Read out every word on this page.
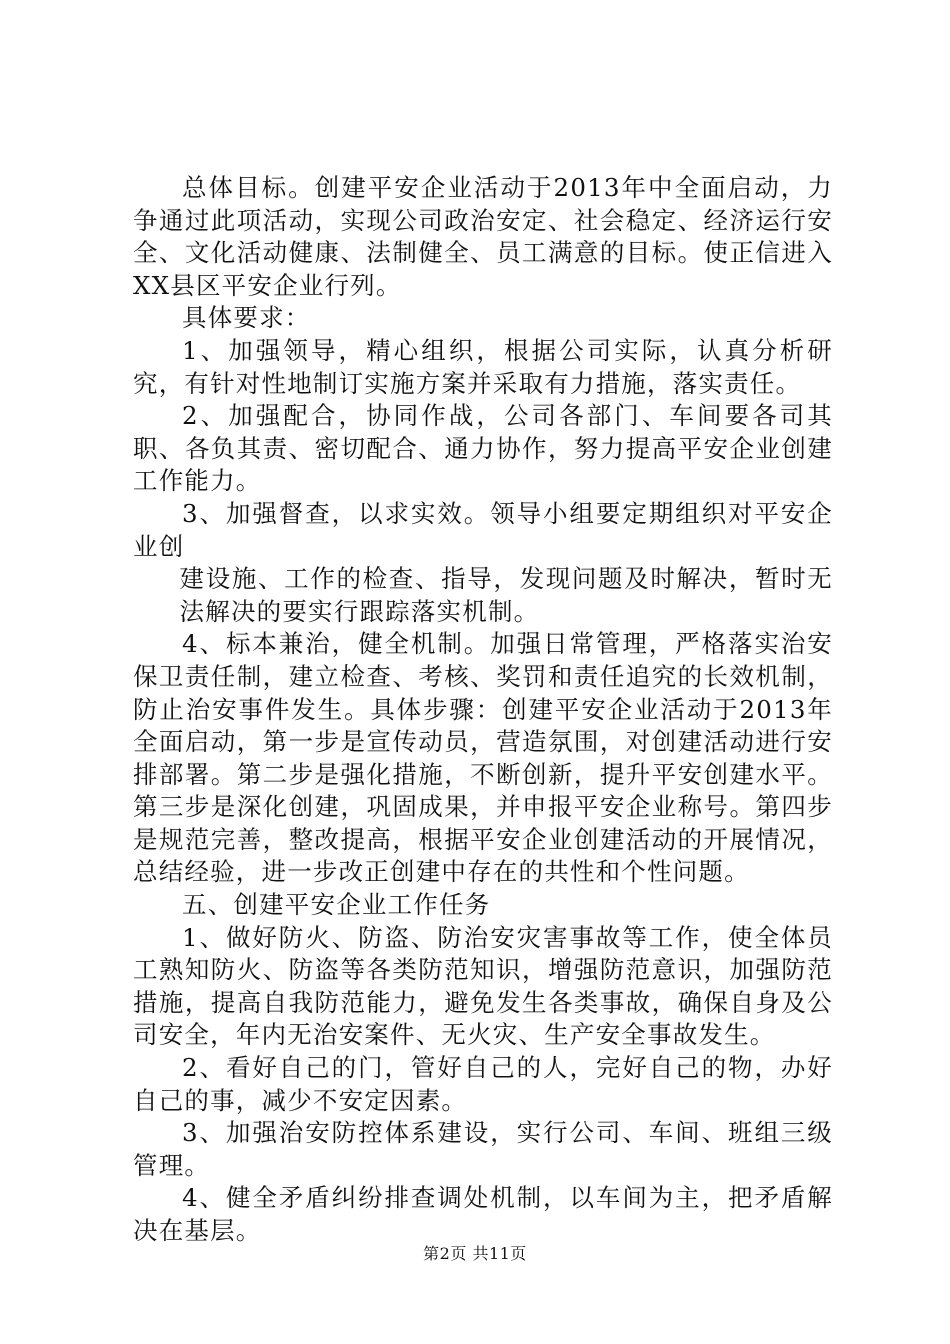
总体目标。创建平安企业活动于2013年中全面启动，力争通过此项活动，实现公司政治安定、社会稳定、经济运行安全、文化活动健康、法制健全、员工满意的目标。使正信进入XX县区平安企业行列。

具体要求：

1、加强领导，精心组织，根据公司实际，认真分析研究，有针对性地制订实施方案并采取有力措施，落实责任。

2、加强配合，协同作战，公司各部门、车间要各司其职、各负其责、密切配合、通力协作，努力提高平安企业创建工作能力。

3、加强督查，以求实效。领导小组要定期组织对平安企业创

建设施、工作的检查、指导，发现问题及时解决，暂时无法解决的要实行跟踪落实机制。

4、标本兼治，健全机制。加强日常管理，严格落实治安保卫责任制，建立检查、考核、奖罚和责任追究的长效机制，防止治安事件发生。具体步骤：创建平安企业活动于2013年全面启动，第一步是宣传动员，营造氛围，对创建活动进行安排部署。第二步是强化措施，不断创新，提升平安创建水平。第三步是深化创建，巩固成果，并申报平安企业称号。第四步是规范完善，整改提高，根据平安企业创建活动的开展情况，总结经验，进一步改正创建中存在的共性和个性问题。

五、创建平安企业工作任务

1、做好防火、防盗、防治安灾害事故等工作，使全体员工熟知防火、防盗等各类防范知识，增强防范意识，加强防范措施，提高自我防范能力，避免发生各类事故，确保自身及公司安全，年内无治安案件、无火灾、生产安全事故发生。

2、看好自己的门，管好自己的人，完好自己的物，办好自己的事，减少不安定因素。

3、加强治安防控体系建设，实行公司、车间、班组三级管理。

4、健全矛盾纠纷排查调处机制，以车间为主，把矛盾解决在基层。

第2页 共11页
